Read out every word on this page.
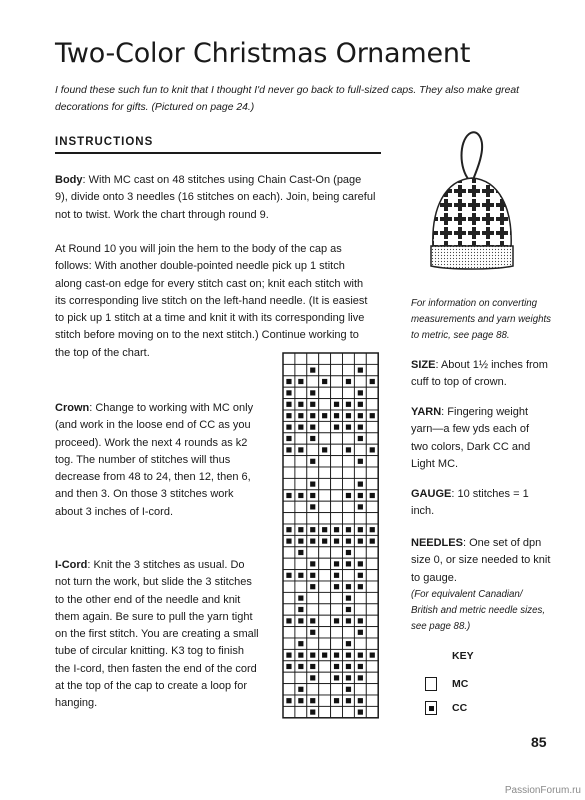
Two-Color Christmas Ornament
I found these such fun to knit that I thought I'd never go back to full-sized caps. They also make great decorations for gifts. (Pictured on page 24.)
INSTRUCTIONS
Body: With MC cast on 48 stitches using Chain Cast-On (page 9), divide onto 3 needles (16 stitches on each). Join, being careful not to twist. Work the chart through round 9.
At Round 10 you will join the hem to the body of the cap as follows: With another double-pointed needle pick up 1 stitch along cast-on edge for every stitch cast on; knit each stitch with its corresponding live stitch on the left-hand needle. (It is easiest to pick up 1 stitch at a time and knit it with its corresponding live stitch before moving on to the next stitch.) Continue working to the top of the chart.
Crown: Change to working with MC only (and work in the loose end of CC as you proceed). Work the next 4 rounds as k2 tog. The number of stitches will thus decrease from 48 to 24, then 12, then 6, and then 3. On those 3 stitches work about 3 inches of I-cord.
I-Cord: Knit the 3 stitches as usual. Do not turn the work, but slide the 3 stitches to the other end of the needle and knit them again. Be sure to pull the yarn tight on the first stitch. You are creating a small tube of circular knitting. K3 tog to finish the I-cord, then fasten the end of the cord at the top of the cap to create a loop for hanging.
For information on converting measurements and yarn weights to metric, see page 88.
SIZE: About 1½ inches from cuff to top of crown.
YARN: Fingering weight yarn—a few yds each of two colors, Dark CC and Light MC.
GAUGE: 10 stitches = 1 inch.
NEEDLES: One set of dpn size 0, or size needed to knit to gauge.
(For equivalent Canadian/ British and metric needle sizes, see page 88.)
KEY
MC
CC
85
PassionForum.ru
